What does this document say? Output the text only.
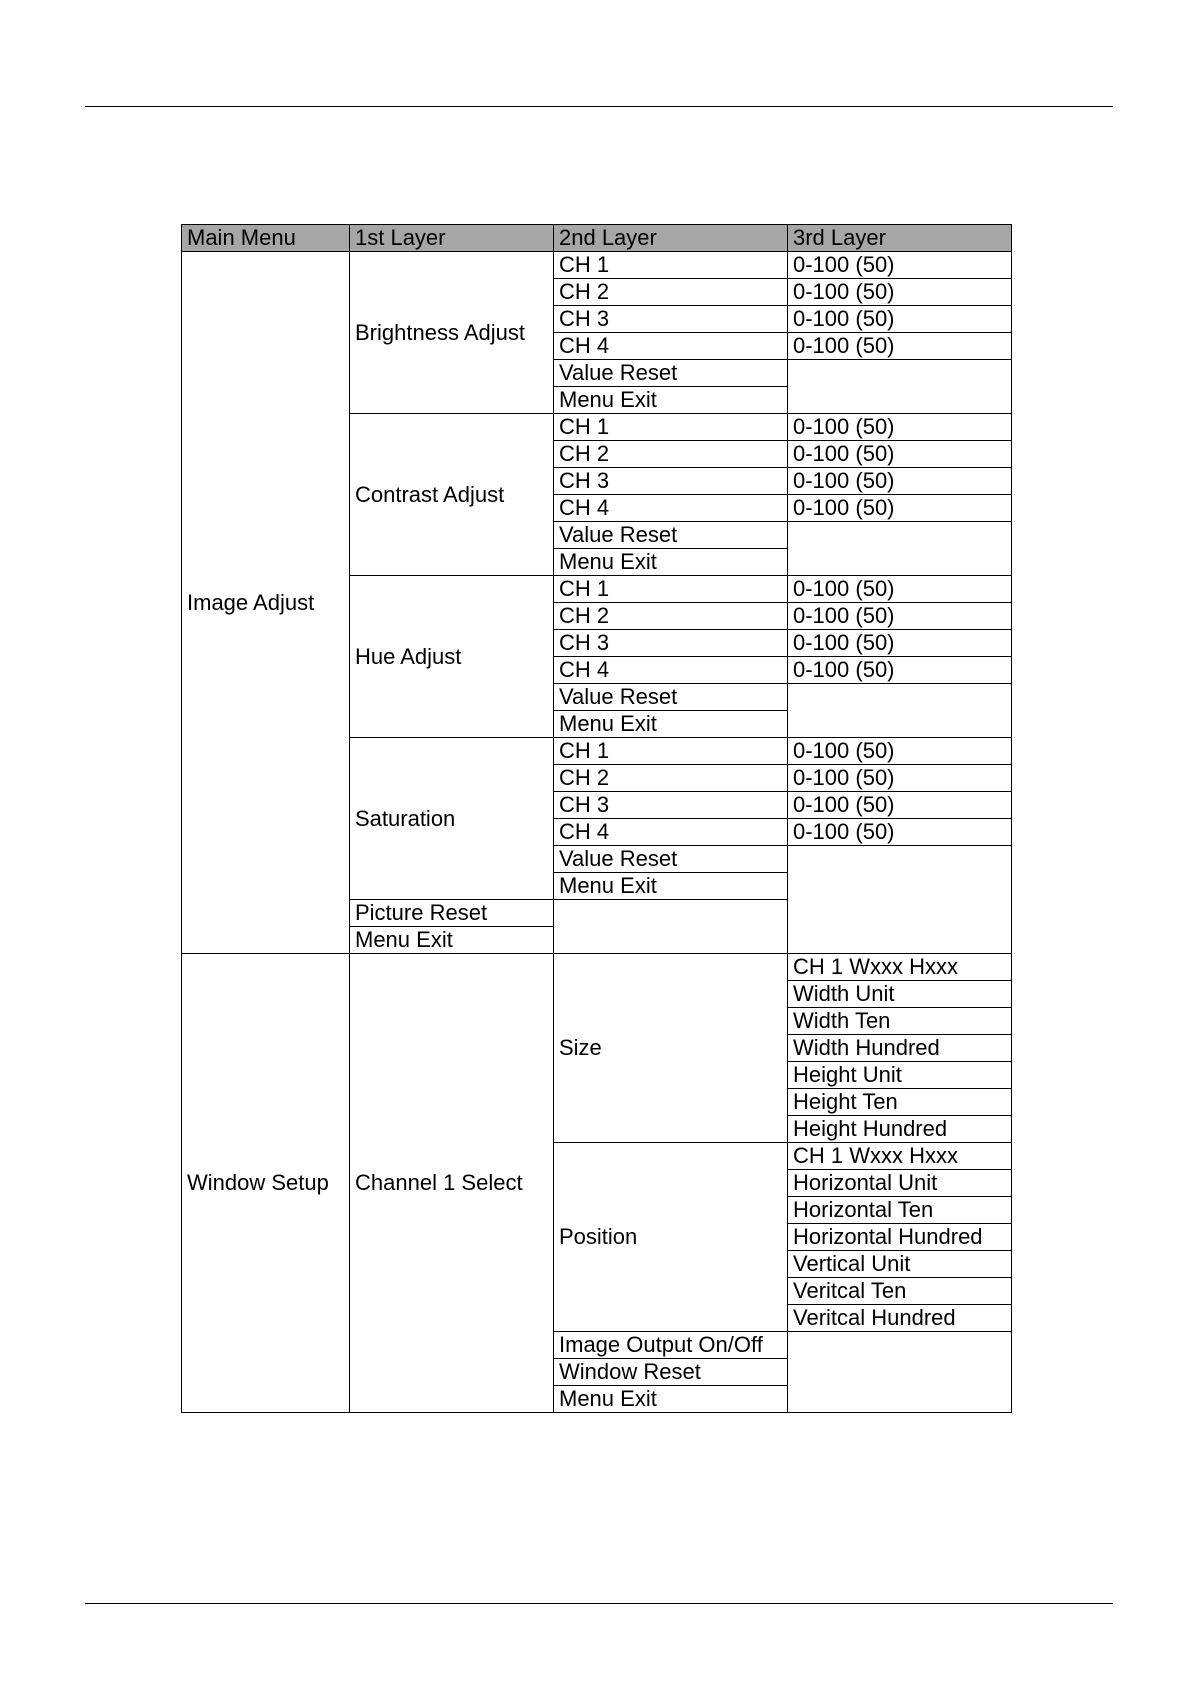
Main Menu	1st Layer	2nd Layer	3rd Layer
Image Adjust	Brightness Adjust	CH 1	0-100 (50)
		CH 2	0-100 (50)
		CH 3	0-100 (50)
		CH 4	0-100 (50)
		Value Reset	
		Menu Exit	
	Contrast Adjust	CH 1	0-100 (50)
		CH 2	0-100 (50)
		CH 3	0-100 (50)
		CH 4	0-100 (50)
		Value Reset	
		Menu Exit	
	Hue Adjust	CH 1	0-100 (50)
		CH 2	0-100 (50)
		CH 3	0-100 (50)
		CH 4	0-100 (50)
		Value Reset	
		Menu Exit	
	Saturation	CH 1	0-100 (50)
		CH 2	0-100 (50)
		CH 3	0-100 (50)
		CH 4	0-100 (50)
		Value Reset	
		Menu Exit	
	Picture Reset		
	Menu Exit		
Window Setup	Channel 1 Select	Size	CH 1 Wxxx Hxxx
			Width Unit
			Width Ten
			Width Hundred
			Height Unit
			Height Ten
			Height Hundred
		Position	CH 1 Wxxx Hxxx
			Horizontal Unit
			Horizontal Ten
			Horizontal Hundred
			Vertical Unit
			Veritcal Ten
			Veritcal Hundred
		Image Output On/Off	
		Window Reset	
		Menu Exit	
